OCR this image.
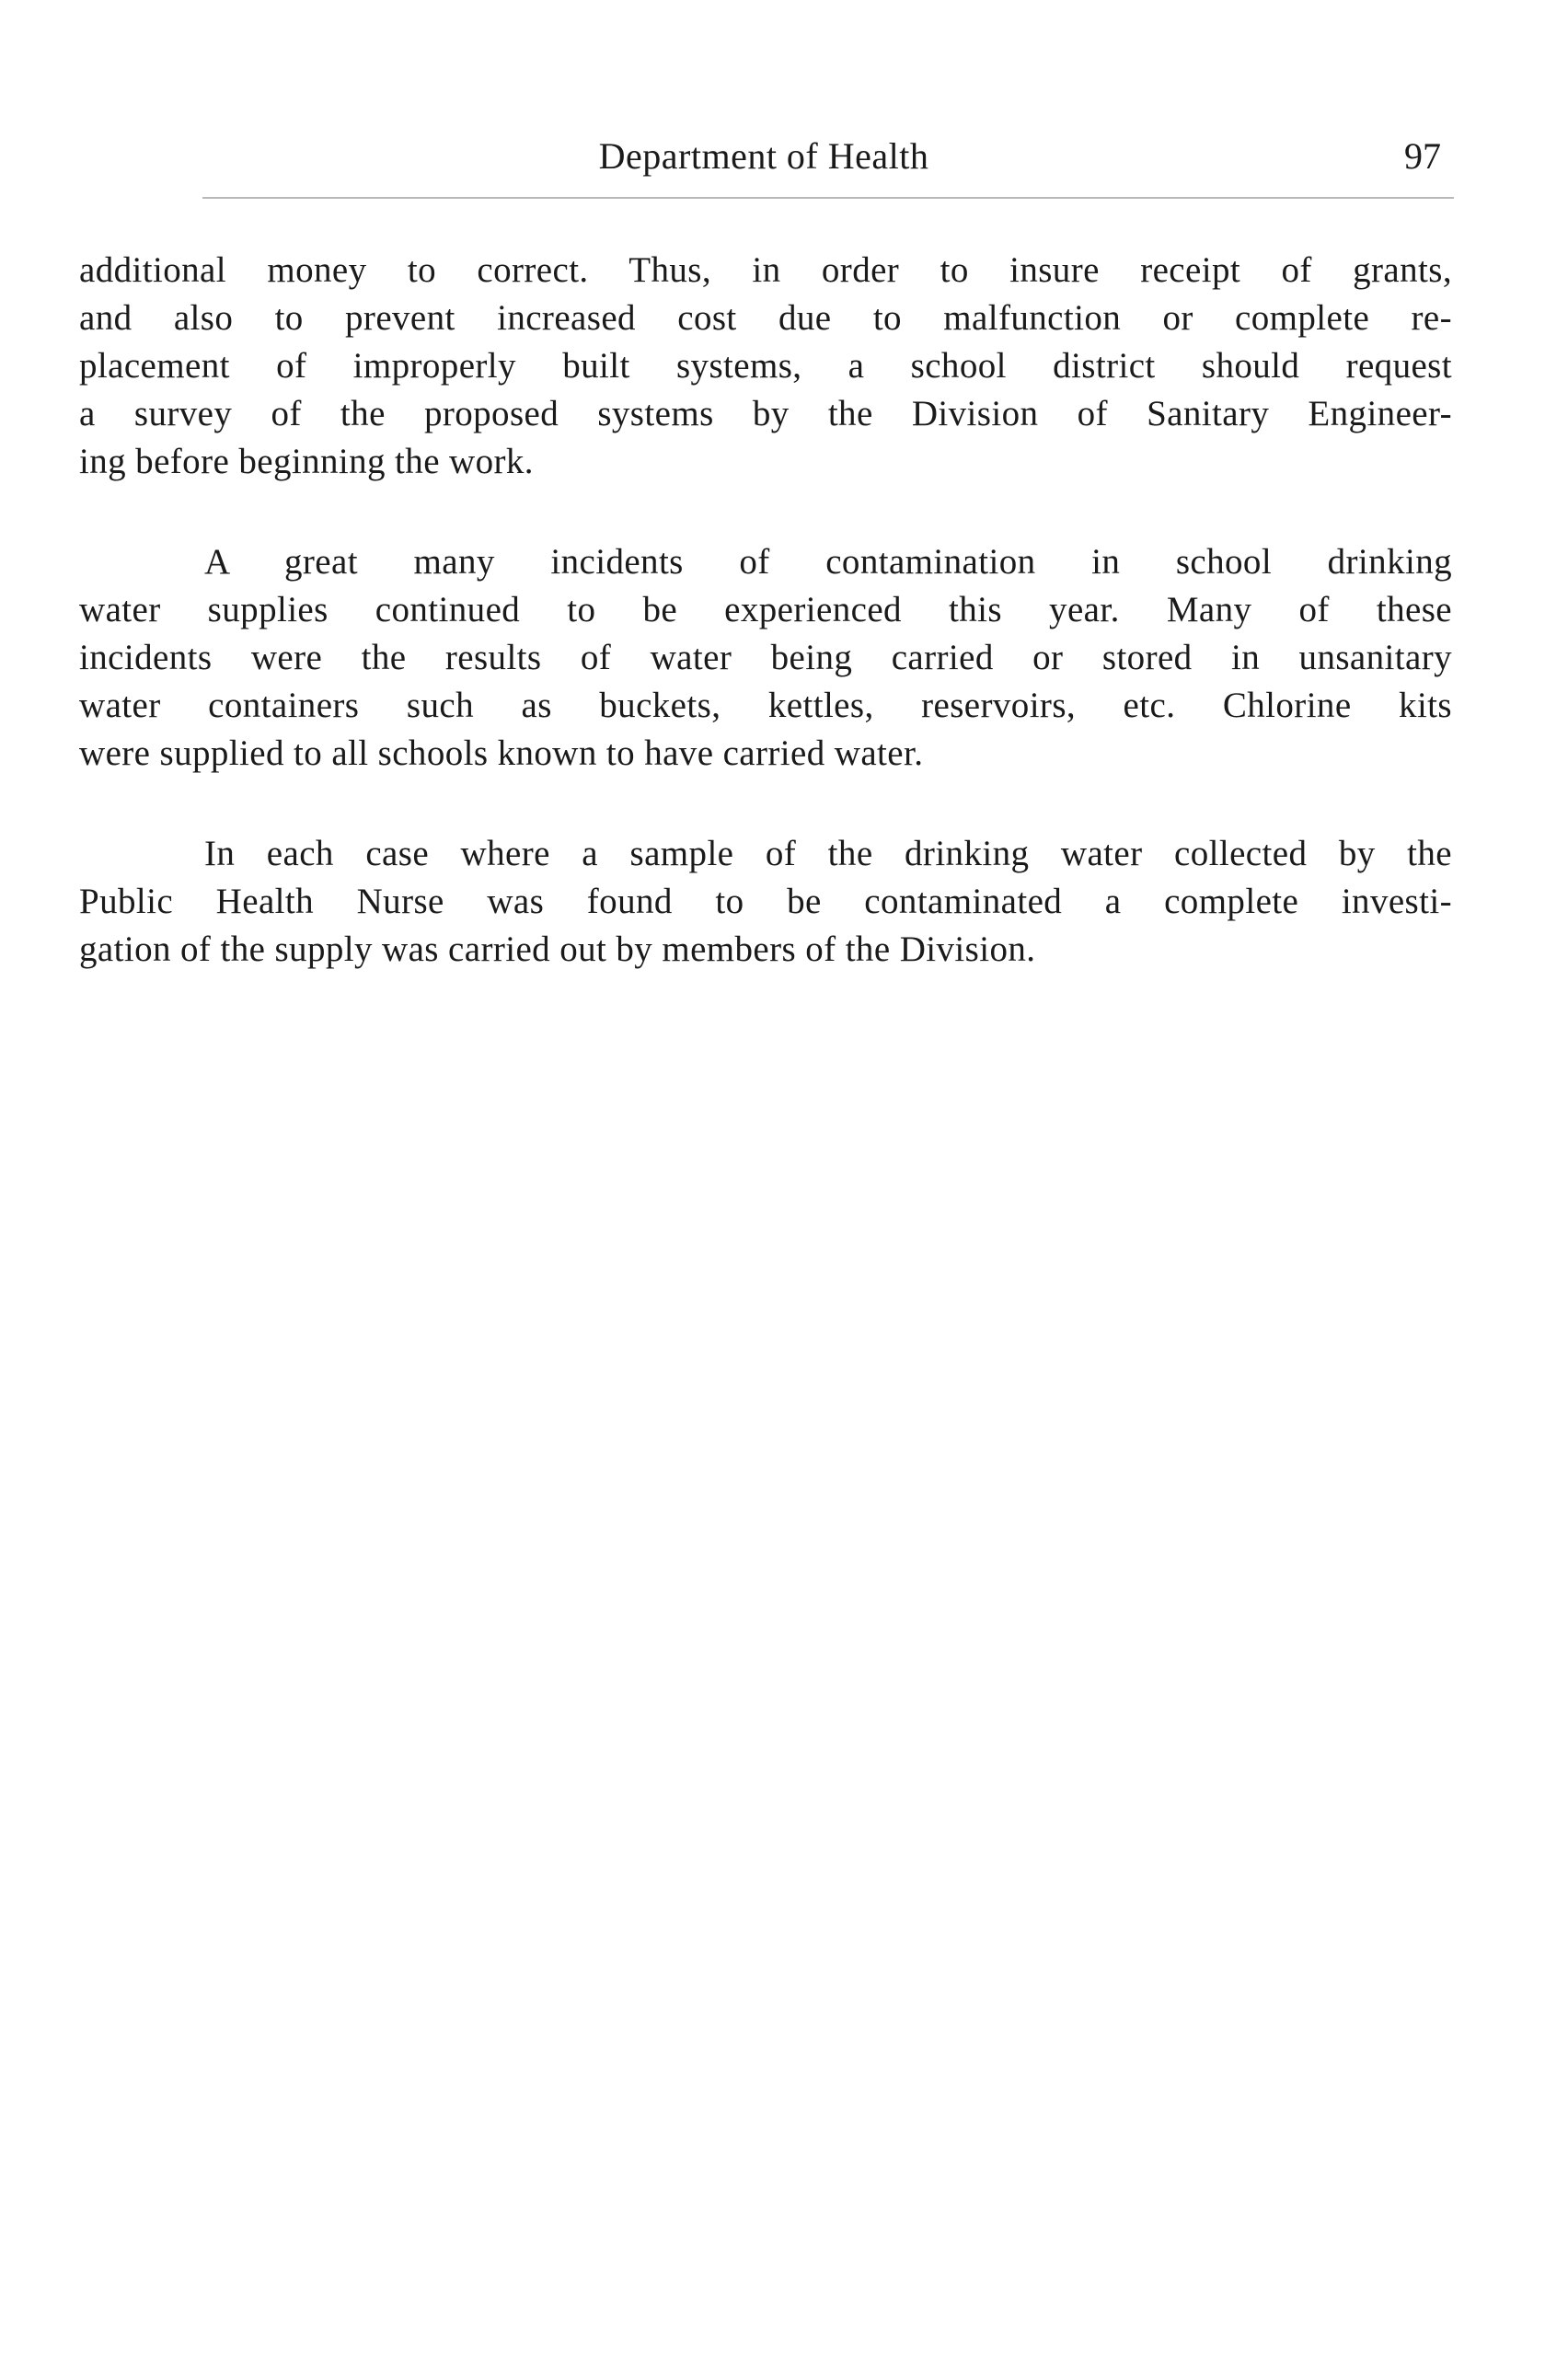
Department of Health	97

additional money to correct. Thus, in order to insure receipt of grants,
and also to prevent increased cost due to malfunction or complete re-
placement of improperly built systems, a school district should request
a survey of the proposed systems by the Division of Sanitary Engineer-
ing before beginning the work.

A great many incidents of contamination in school drinking
water supplies continued to be experienced this year. Many of these
incidents were the results of water being carried or stored in unsanitary
water containers such as buckets, kettles, reservoirs, etc. Chlorine kits
were supplied to all schools known to have carried water.

In each case where a sample of the drinking water collected by the
Public Health Nurse was found to be contaminated a complete investi-
gation of the supply was carried out by members of the Division.
